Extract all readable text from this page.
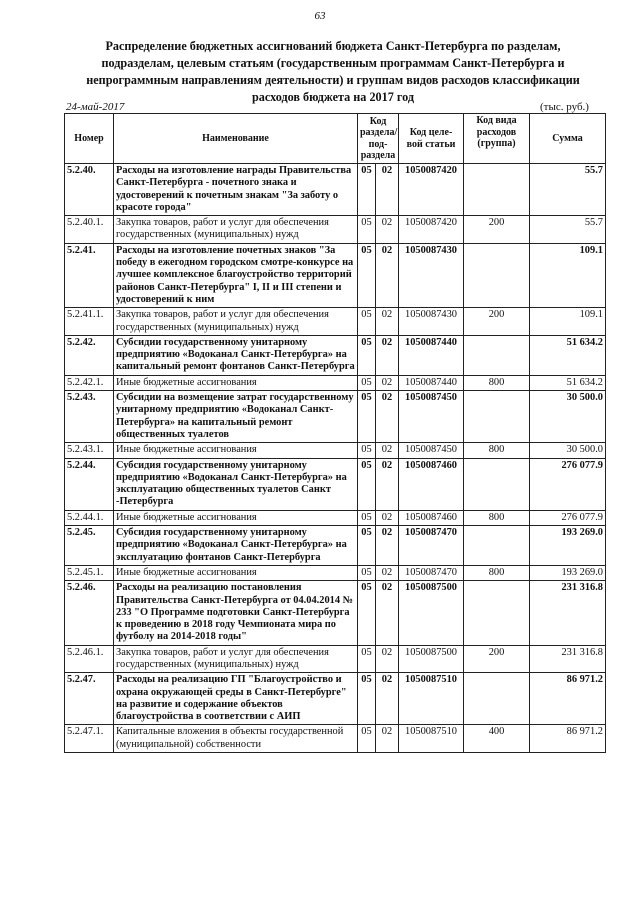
63
Распределение бюджетных ассигнований бюджета Санкт-Петербурга по разделам, подразделам, целевым статьям (государственным программам Санкт-Петербурга и непрограммным направлениям деятельности) и группам видов расходов классификации расходов бюджета на 2017 год
24-май-2017	(тыс. руб.)
Номер	Наименование	Код раздела/ под- раздела		Код целе- вой статьи	Код вида расходов (группа)	Сумма
5.2.40.	Расходы на изготовление награды Правительства Санкт-Петербурга - почетного знака и удостоверений к почетным знакам "За заботу о красоте города"	05	02	1050087420		55.7
5.2.40.1.	Закупка товаров, работ и услуг для обеспечения государственных (муниципальных) нужд	05	02	1050087420	200	55.7
5.2.41.	Расходы на изготовление почетных знаков "За победу в ежегодном городском смотре-конкурсе на лучшее комплексное благоустройство территорий районов Санкт-Петербурга" I, II и III степени и удостоверений к ним	05	02	1050087430		109.1
5.2.41.1.	Закупка товаров, работ и услуг для обеспечения государственных (муниципальных) нужд	05	02	1050087430	200	109.1
5.2.42.	Субсидии государственному унитарному предприятию «Водоканал Санкт-Петербурга» на капитальный ремонт фонтанов Санкт-Петербурга	05	02	1050087440		51 634.2
5.2.42.1.	Иные бюджетные ассигнования	05	02	1050087440	800	51 634.2
5.2.43.	Субсидии на возмещение затрат государственному унитарному предприятию «Водоканал Санкт-Петербурга» на капитальный ремонт общественных туалетов	05	02	1050087450		30 500.0
5.2.43.1.	Иные бюджетные ассигнования	05	02	1050087450	800	30 500.0
5.2.44.	Субсидия государственному унитарному предприятию «Водоканал Санкт-Петербурга» на эксплуатацию общественных туалетов Санкт -Петербурга	05	02	1050087460		276 077.9
5.2.44.1.	Иные бюджетные ассигнования	05	02	1050087460	800	276 077.9
5.2.45.	Субсидия государственному унитарному предприятию «Водоканал Санкт-Петербурга» на эксплуатацию фонтанов Санкт-Петербурга	05	02	1050087470		193 269.0
5.2.45.1.	Иные бюджетные ассигнования	05	02	1050087470	800	193 269.0
5.2.46.	Расходы на реализацию постановления Правительства Санкт-Петербурга от 04.04.2014 № 233 "О Программе подготовки Санкт-Петербурга к проведению в 2018 году Чемпионата мира по футболу на 2014-2018 годы"	05	02	1050087500		231 316.8
5.2.46.1.	Закупка товаров, работ и услуг для обеспечения государственных (муниципальных) нужд	05	02	1050087500	200	231 316.8
5.2.47.	Расходы на реализацию ГП "Благоустройство и охрана окружающей среды в Санкт-Петербурге" на развитие и содержание объектов благоустройства в соответствии с АИП	05	02	1050087510		86 971.2
5.2.47.1.	Капитальные вложения в объекты государственной (муниципальной) собственности	05	02	1050087510	400	86 971.2
